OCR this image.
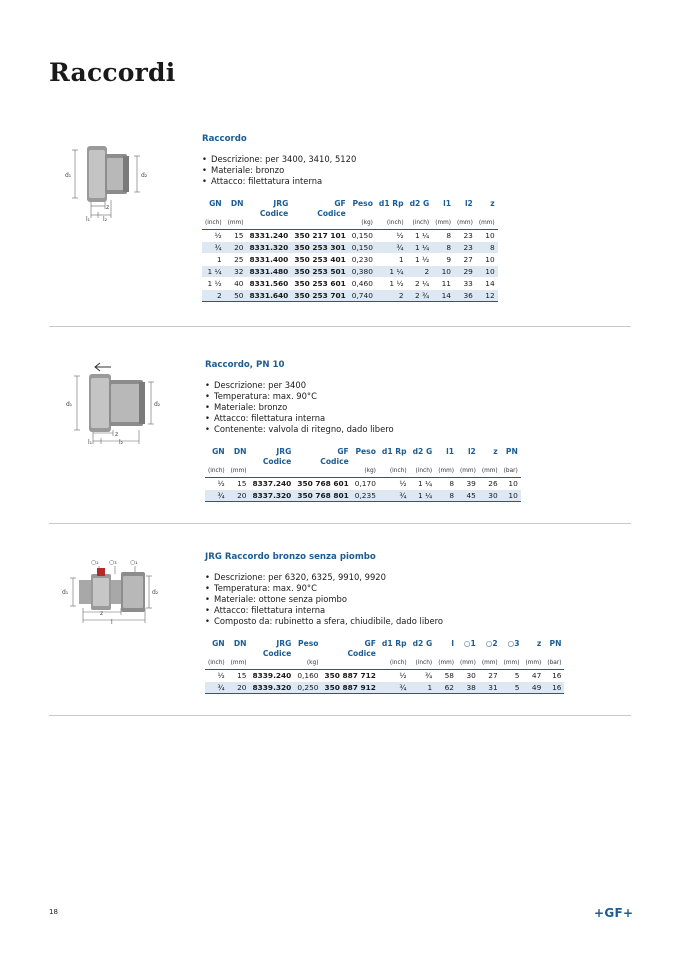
Raccordi
d₁	d₂
z
l₁ l₂

Raccordo

• Descrizione: per 3400, 3410, 5120
• Materiale: bronzo
• Attacco: filettatura interna
GN	DN	JRG	GF	Peso	d1 Rp	d2 G	l1	l2	z
		Codice	Codice						
(inch)	(mm)			(kg)	(inch)	(inch)	(mm)	(mm)	(mm)
½	15	8331.240	350 217 101	0,150	½	1 ¼	8	23	10
¾	20	8331.320	350 253 301	0,150	¾	1 ¼	8	23	8
1	25	8331.400	350 253 401	0,230	1	1 ½	9	27	10
1 ¼	32	8331.480	350 253 501	0,380	1 ¼	2	10	29	10
1 ½	40	8331.560	350 253 601	0,460	1 ½	2 ¼	11	33	14
2	50	8331.640	350 253 701	0,740	2	2 ¾	14	36	12
d₁	d₂
z
l₁	l₂

Raccordo, PN 10

• Descrizione: per 3400
• Temperatura: max. 90°C
• Materiale: bronzo
• Attacco: filettatura interna
• Contenente: valvola di ritegno, dado libero
GN	DN	JRG	GF	Peso	d1 Rp	d2 G	l1	l2	z	PN
		Codice	Codice							
(inch)	(mm)			(kg)	(inch)	(inch)	(mm)	(mm)	(mm)	(bar)
½	15	8337.240	350 768 601	0,170	½	1 ¼	8	39	26	10
¾	20	8337.320	350 768 801	0,235	¾	1 ¼	8	45	30	10
○₂ ○₃ ○₁
d₁	d₂
z
l

JRG Raccordo bronzo senza piombo

• Descrizione: per 6320, 6325, 9910, 9920
• Temperatura: max. 90°C
• Materiale: ottone senza piombo
• Attacco: filettatura interna
• Composto da: rubinetto a sfera, chiudibile, dado libero
GN	DN	JRG	Peso	GF	d1 Rp	d2 G	l	○1	○2	○3	z	PN
		Codice		Codice								
(inch)	(mm)		(kg)		(inch)	(inch)	(mm)	(mm)	(mm)	(mm)	(mm)	(bar)
½	15	8339.240	0,160	350 887 712	½	¾	58	30	27	5	47	16
¾	20	8339.320	0,250	350 887 912	¾	1	62	38	31	5	49	16
18	+GF+
